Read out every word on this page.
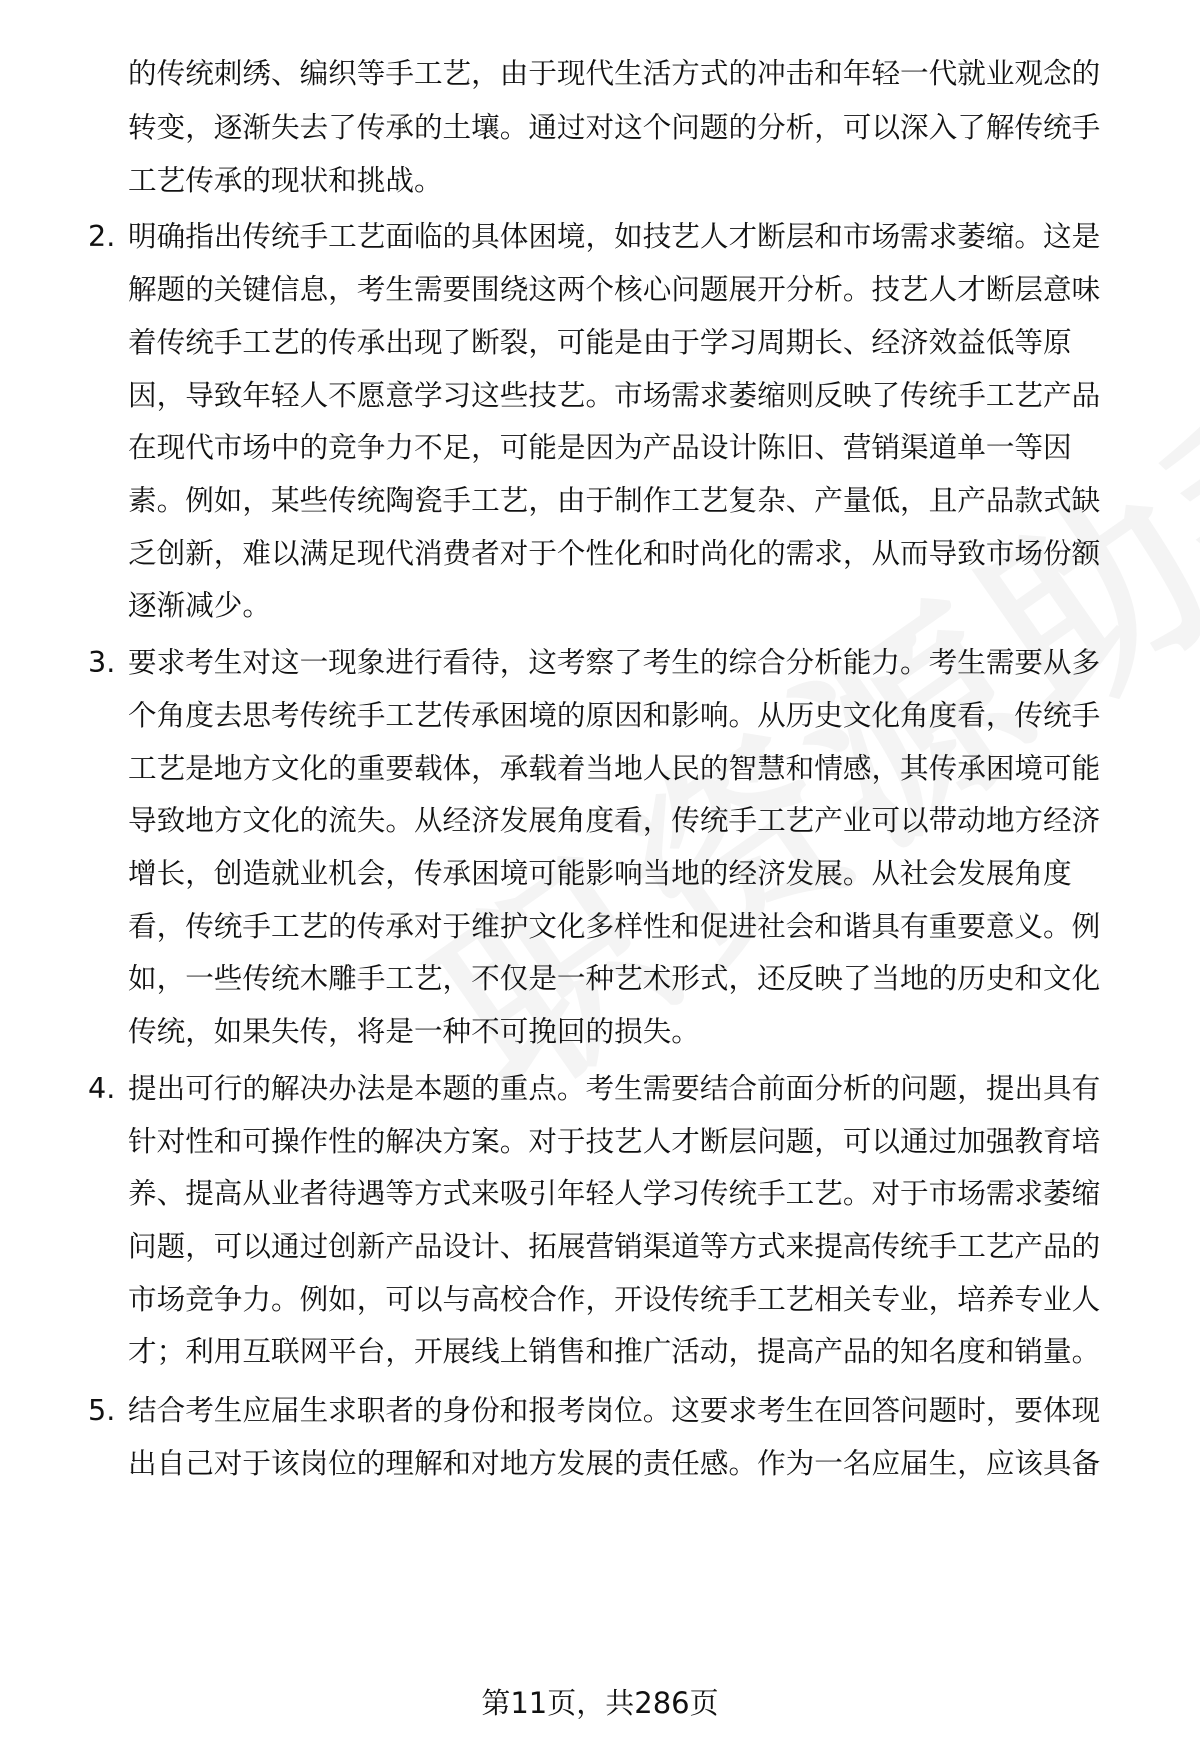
的传统刺绣、编织等手工艺，由于现代生活方式的冲击和年轻一代就业观念的
转变，逐渐失去了传承的土壤。通过对这个问题的分析，可以深入了解传统手
工艺传承的现状和挑战。
2. 明确指出传统手工艺面临的具体困境，如技艺人才断层和市场需求萎缩。这是
解题的关键信息，考生需要围绕这两个核心问题展开分析。技艺人才断层意味
着传统手工艺的传承出现了断裂，可能是由于学习周期长、经济效益低等原
因，导致年轻人不愿意学习这些技艺。市场需求萎缩则反映了传统手工艺产品
在现代市场中的竞争力不足，可能是因为产品设计陈旧、营销渠道单一等因
素。例如，某些传统陶瓷手工艺，由于制作工艺复杂、产量低，且产品款式缺
乏创新，难以满足现代消费者对于个性化和时尚化的需求，从而导致市场份额
逐渐减少。
3. 要求考生对这一现象进行看待，这考察了考生的综合分析能力。考生需要从多
个角度去思考传统手工艺传承困境的原因和影响。从历史文化角度看，传统手
工艺是地方文化的重要载体，承载着当地人民的智慧和情感，其传承困境可能
导致地方文化的流失。从经济发展角度看，传统手工艺产业可以带动地方经济
增长，创造就业机会，传承困境可能影响当地的经济发展。从社会发展角度
看，传统手工艺的传承对于维护文化多样性和促进社会和谐具有重要意义。例
如，一些传统木雕手工艺，不仅是一种艺术形式，还反映了当地的历史和文化
传统，如果失传，将是一种不可挽回的损失。
4. 提出可行的解决办法是本题的重点。考生需要结合前面分析的问题，提出具有
针对性和可操作性的解决方案。对于技艺人才断层问题，可以通过加强教育培
养、提高从业者待遇等方式来吸引年轻人学习传统手工艺。对于市场需求萎缩
问题，可以通过创新产品设计、拓展营销渠道等方式来提高传统手工艺产品的
市场竞争力。例如，可以与高校合作，开设传统手工艺相关专业，培养专业人
才；利用互联网平台，开展线上销售和推广活动，提高产品的知名度和销量。
5. 结合考生应届生求职者的身份和报考岗位。这要求考生在回答问题时，要体现
出自己对于该岗位的理解和对地方发展的责任感。作为一名应届生，应该具备
第11页，共286页
